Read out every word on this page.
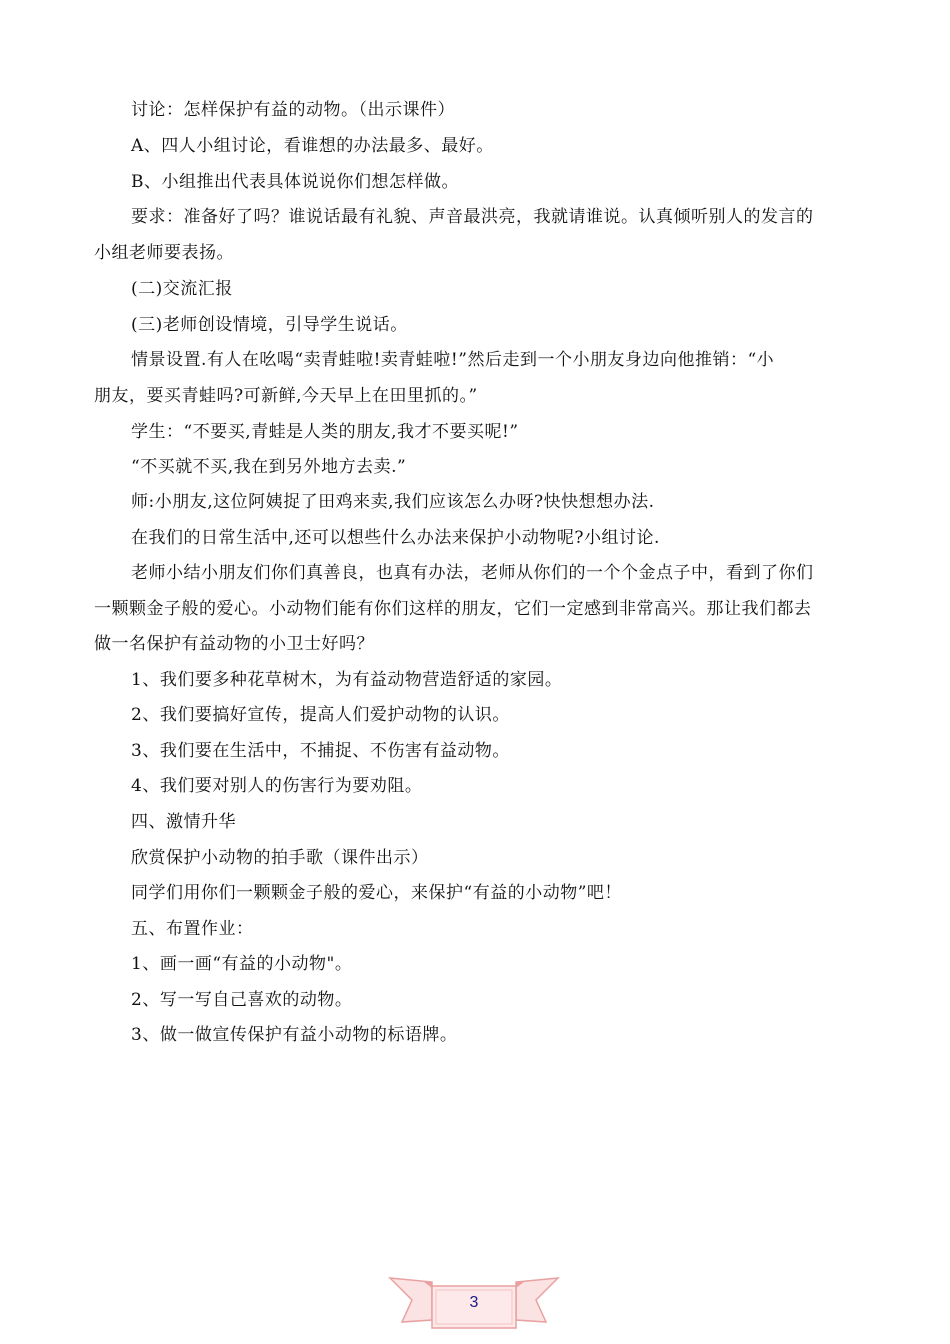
讨论：怎样保护有益的动物。（出示课件）
A、四人小组讨论，看谁想的办法最多、最好。
B、小组推出代表具体说说你们想怎样做。
要求：准备好了吗？谁说话最有礼貌、声音最洪亮，我就请谁说。认真倾听别人的发言的
小组老师要表扬。
(二)交流汇报
(三)老师创设情境，引导学生说话。
情景设置.有人在吆喝“卖青蛙啦!卖青蛙啦!”然后走到一个小朋友身边向他推销：“小
朋友，要买青蛙吗?可新鲜,今天早上在田里抓的。”
学生：“不要买,青蛙是人类的朋友,我才不要买呢!”
“不买就不买,我在到另外地方去卖.”
师:小朋友,这位阿姨捉了田鸡来卖,我们应该怎么办呀?快快想想办法.
在我们的日常生活中,还可以想些什么办法来保护小动物呢?小组讨论.
老师小结小朋友们你们真善良，也真有办法，老师从你们的一个个金点子中，看到了你们
一颗颗金子般的爱心。小动物们能有你们这样的朋友，它们一定感到非常高兴。那让我们都去
做一名保护有益动物的小卫士好吗？
1、我们要多种花草树木，为有益动物营造舒适的家园。
2、我们要搞好宣传，提高人们爱护动物的认识。
3、我们要在生活中，不捕捉、不伤害有益动物。
4、我们要对别人的伤害行为要劝阻。
四、激情升华
欣赏保护小动物的拍手歌（课件出示）
同学们用你们一颗颗金子般的爱心，来保护“有益的小动物”吧！
五、布置作业：
1、画一画“有益的小动物"。
2、写一写自己喜欢的动物。
3、做一做宣传保护有益小动物的标语牌。
3
